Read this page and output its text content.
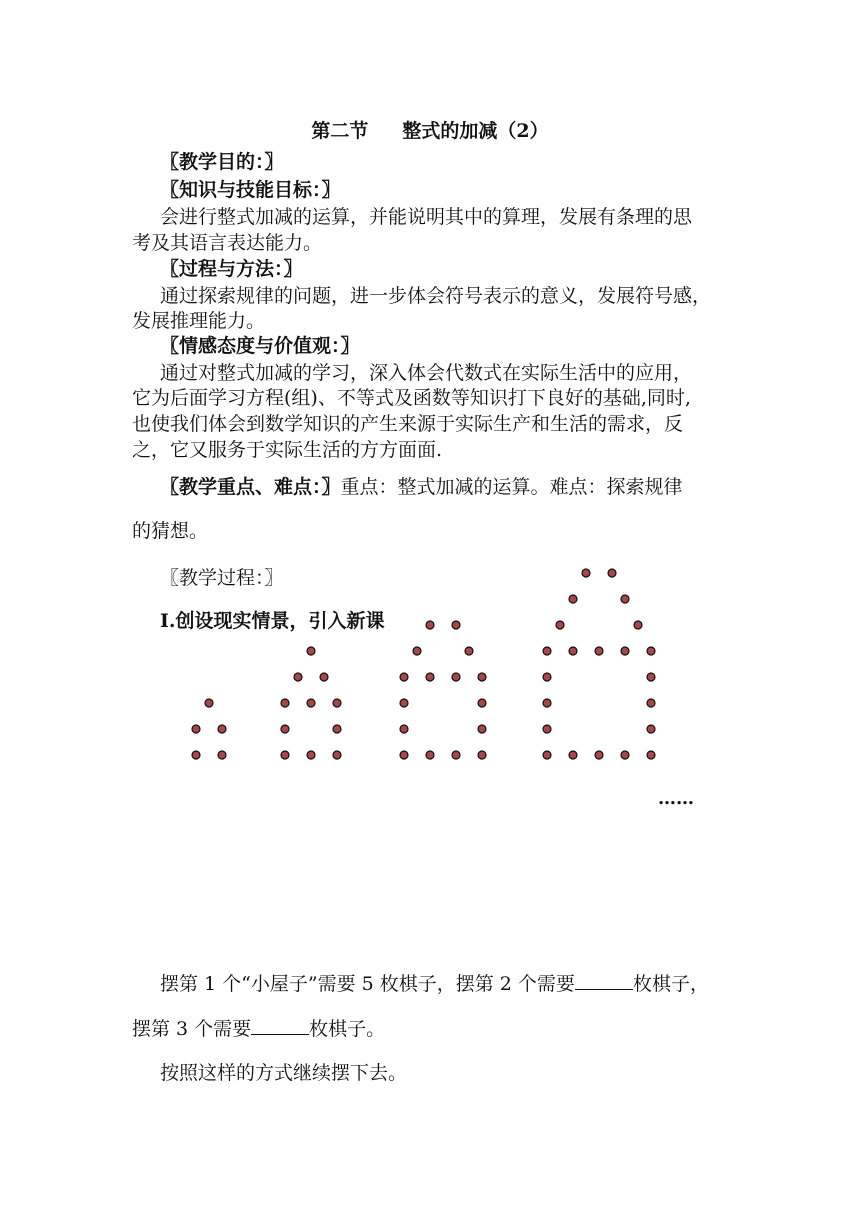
第二节 整式的加减（2）
〖教学目的：〗
〖知识与技能目标：〗
会进行整式加减的运算，并能说明其中的算理，发展有条理的思
考及其语言表达能力。
〖过程与方法：〗
通过探索规律的问题，进一步体会符号表示的意义，发展符号感，
发展推理能力。
〖情感态度与价值观：〗
通过对整式加减的学习，深入体会代数式在实际生活中的应用，
它为后面学习方程(组)、不等式及函数等知识打下良好的基础,同时,
也使我们体会到数学知识的产生来源于实际生产和生活的需求，反
之，它又服务于实际生活的方方面面.
〖教学重点、难点：〗重点：整式加减的运算。难点：探索规律
的猜想。
〖教学过程：〗
Ⅰ.创设现实情景，引入新课
……
摆第 1 个“小屋子”需要 5 枚棋子，摆第 2 个需要	枚棋子，
摆第 3 个需要	枚棋子。
按照这样的方式继续摆下去。
